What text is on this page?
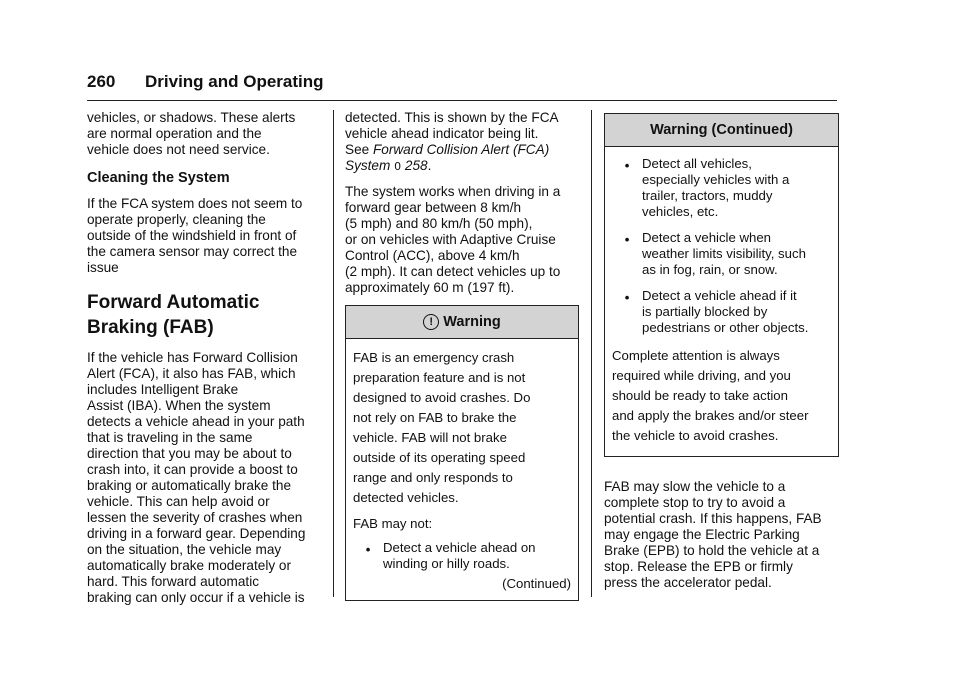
260 Driving and Operating

vehicles, or shadows. These alerts
are normal operation and the
vehicle does not need service.

Cleaning the System

If the FCA system does not seem to
operate properly, cleaning the
outside of the windshield in front of
the camera sensor may correct the
issue

Forward Automatic
Braking (FAB)

If the vehicle has Forward Collision
Alert (FCA), it also has FAB, which
includes Intelligent Brake
Assist (IBA). When the system
detects a vehicle ahead in your path
that is traveling in the same
direction that you may be about to
crash into, it can provide a boost to
braking or automatically brake the
vehicle. This can help avoid or
lessen the severity of crashes when
driving in a forward gear. Depending
on the situation, the vehicle may
automatically brake moderately or
hard. This forward automatic
braking can only occur if a vehicle is

detected. This is shown by the FCA
vehicle ahead indicator being lit.
See Forward Collision Alert (FCA)
System 0 258.

The system works when driving in a
forward gear between 8 km/h
(5 mph) and 80 km/h (50 mph),
or on vehicles with Adaptive Cruise
Control (ACC), above 4 km/h
(2 mph). It can detect vehicles up to
approximately 60 m (197 ft).

! Warning

FAB is an emergency crash
preparation feature and is not
designed to avoid crashes. Do
not rely on FAB to brake the
vehicle. FAB will not brake
outside of its operating speed
range and only responds to
detected vehicles.

FAB may not:

• Detect a vehicle ahead on
winding or hilly roads.
(Continued)
Warning (Continued)
• Detect all vehicles,
especially vehicles with a
trailer, tractors, muddy
vehicles, etc.
• Detect a vehicle when
weather limits visibility, such
as in fog, rain, or snow.
• Detect a vehicle ahead if it
is partially blocked by
pedestrians or other objects.

Complete attention is always
required while driving, and you
should be ready to take action
and apply the brakes and/or steer
the vehicle to avoid crashes.

FAB may slow the vehicle to a
complete stop to try to avoid a
potential crash. If this happens, FAB
may engage the Electric Parking
Brake (EPB) to hold the vehicle at a
stop. Release the EPB or firmly
press the accelerator pedal.
